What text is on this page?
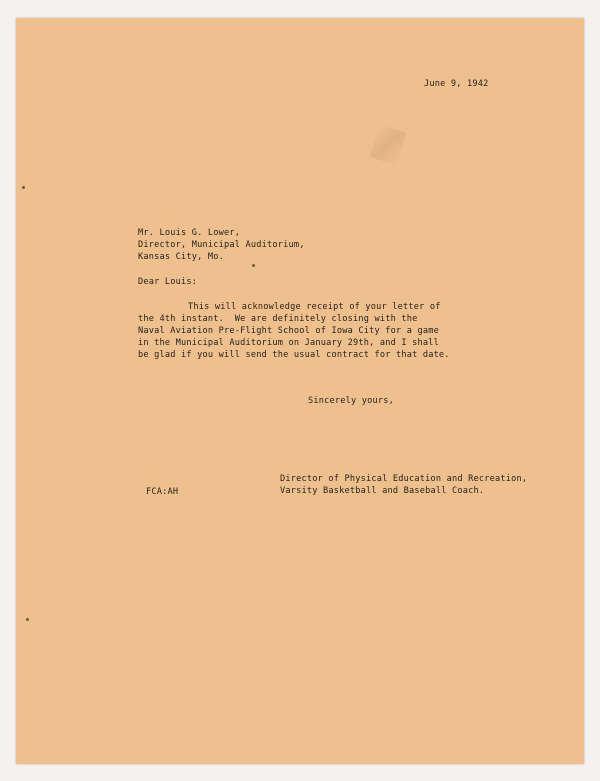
June 9, 1942
Mr. Louis G. Lower,
Director, Municipal Auditorium,
Kansas City, Mo.
Dear Louis:
This will acknowledge receipt of your letter of
the 4th instant.  We are definitely closing with the
Naval Aviation Pre-Flight School of Iowa City for a game
in the Municipal Auditorium on January 29th, and I shall
be glad if you will send the usual contract for that date.
Sincerely yours,
Director of Physical Education and Recreation,
Varsity Basketball and Baseball Coach.
FCA:AH
